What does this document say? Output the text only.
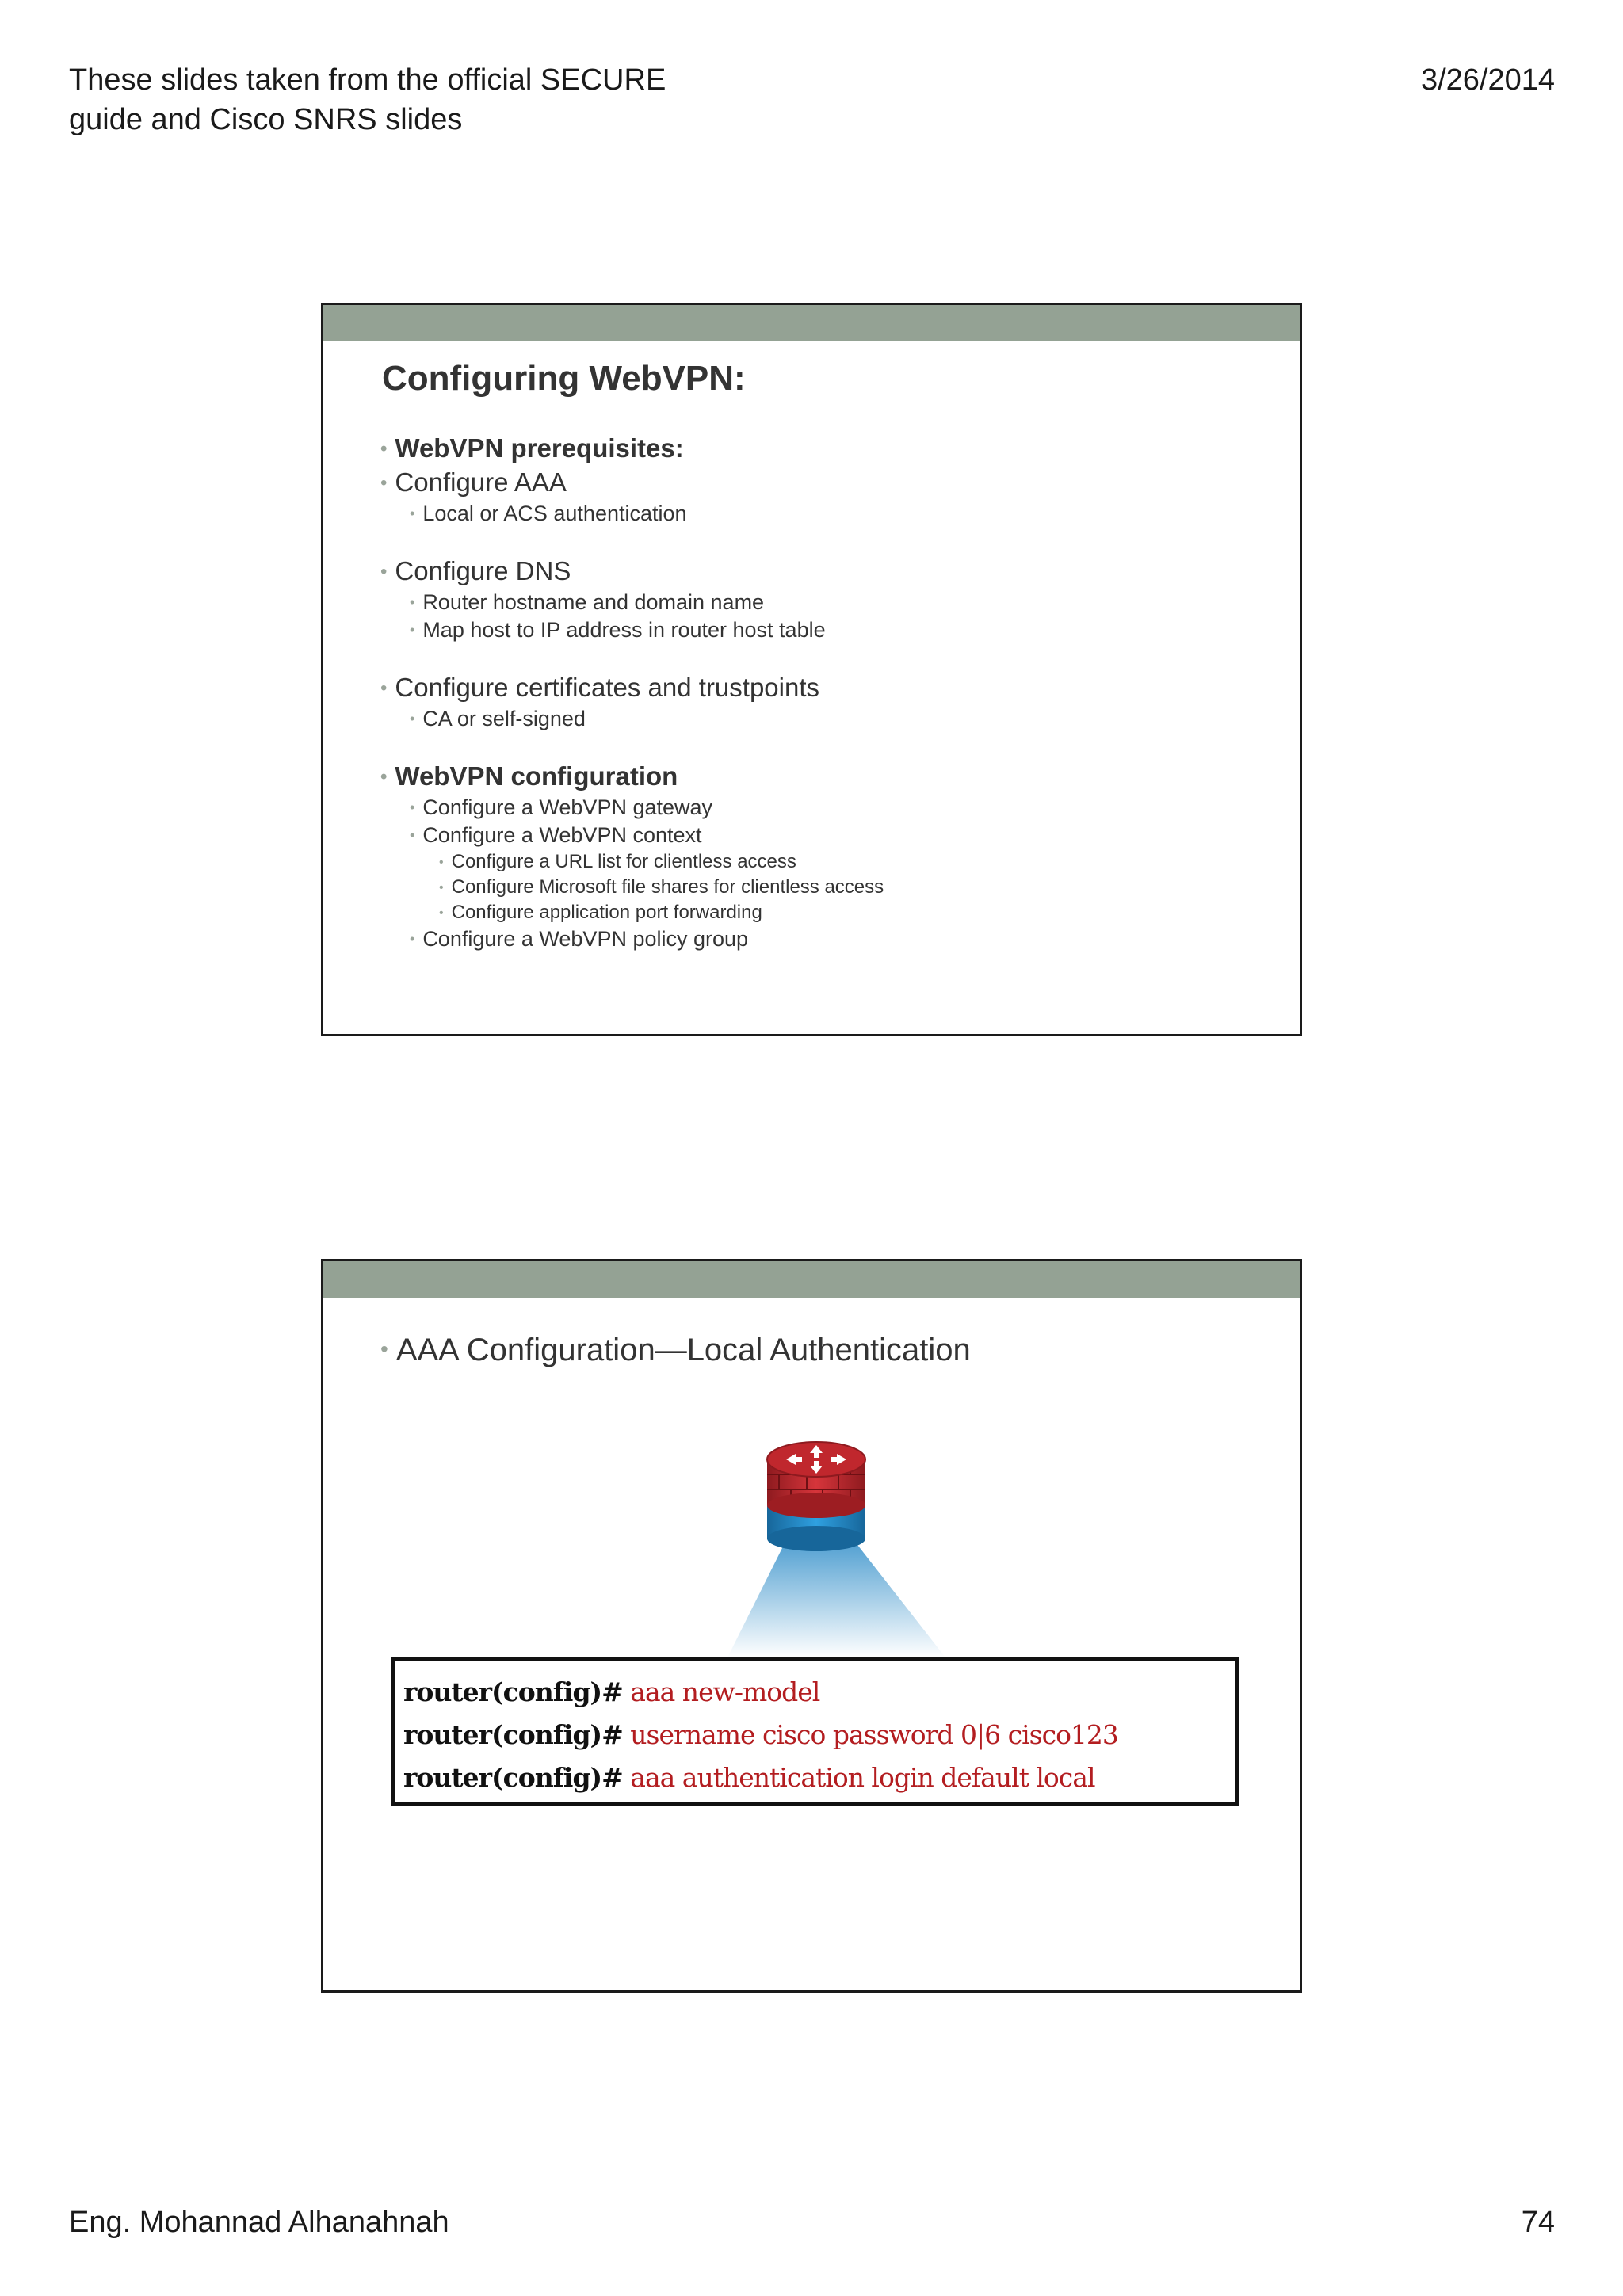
These slides taken from the official SECURE guide and Cisco SNRS slides
3/26/2014
Configuring WebVPN:
• WebVPN prerequisites:
• Configure AAA
• Local or ACS authentication
• Configure DNS
• Router hostname and domain name
• Map host to IP address in router host table
• Configure certificates and trustpoints
• CA or self-signed
• WebVPN configuration
• Configure a WebVPN gateway
• Configure a WebVPN context
• Configure a URL list for clientless access
• Configure Microsoft file shares for clientless access
• Configure application port forwarding
• Configure a WebVPN policy group
• AAA Configuration—Local Authentication
router(config)# aaa new-model
router(config)# username cisco password 0|6 cisco123
router(config)# aaa authentication login default local
Eng. Mohannad Alhanahnah	74
